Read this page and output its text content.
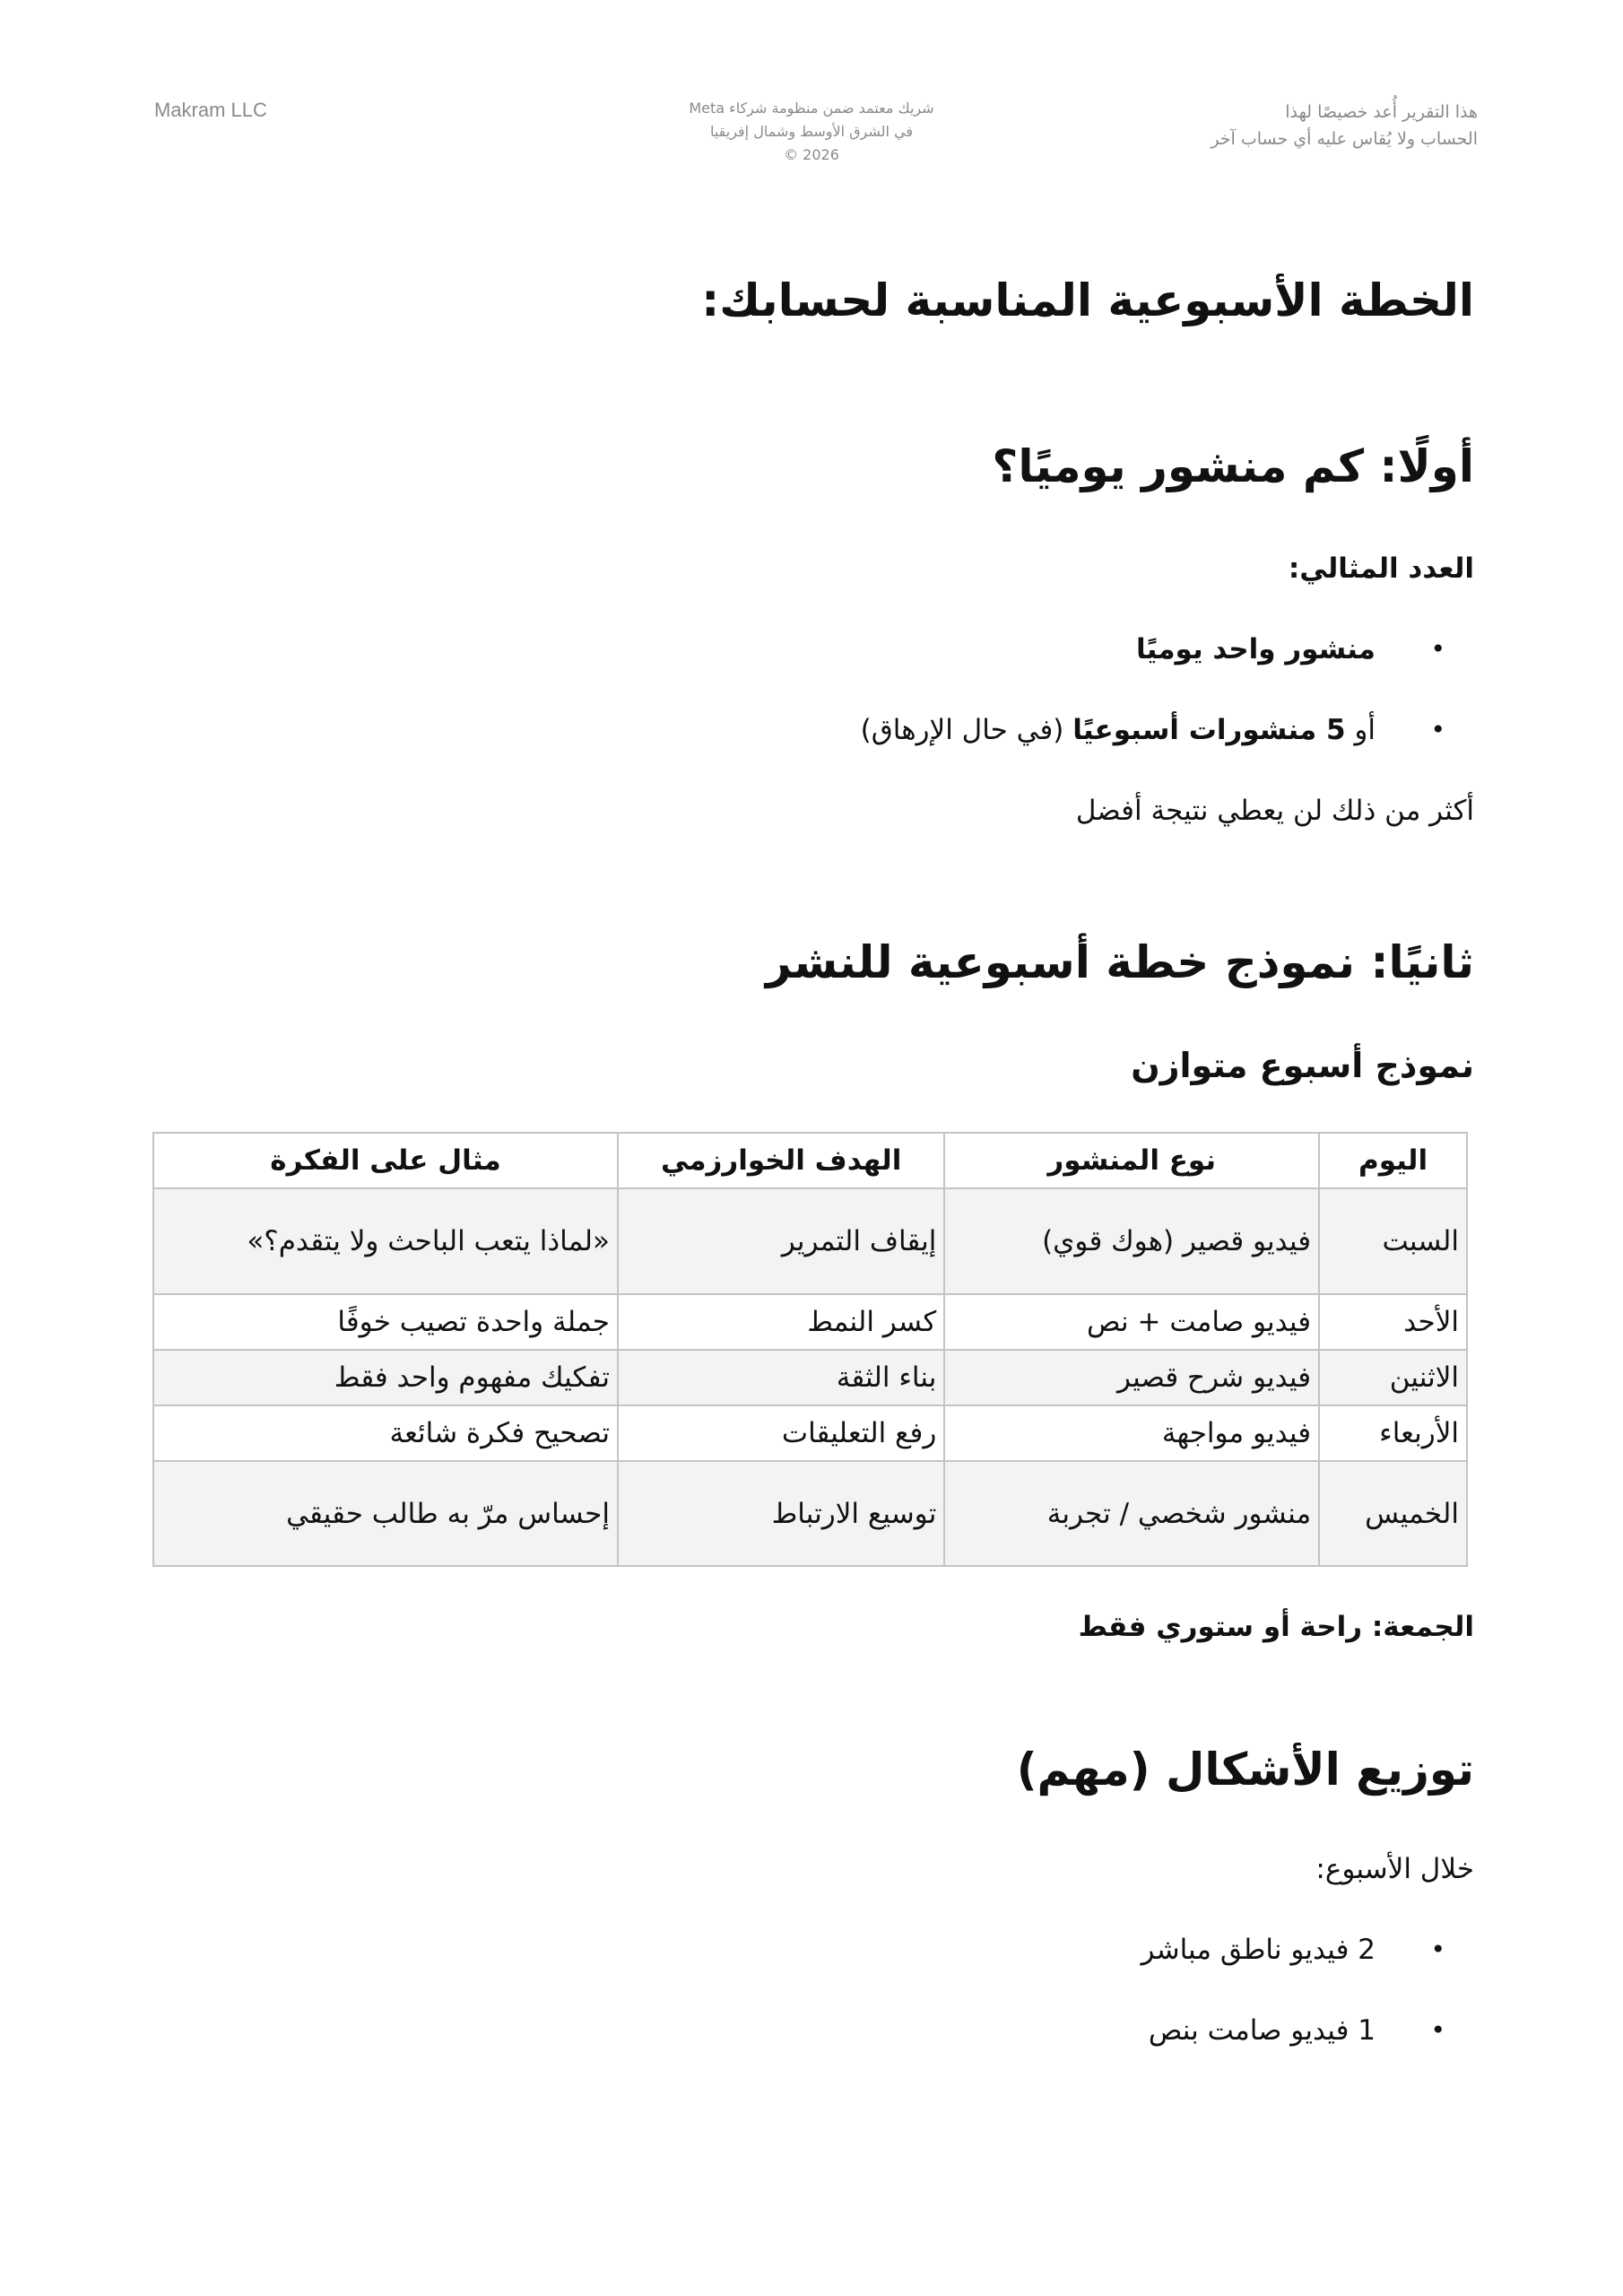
Makram LLC	شريك معتمد ضمن منظومة شركاء Meta
في الشرق الأوسط وشمال إفريقيا
© 2026
هذا التقرير أُعد خصيصًا لهذا
الحساب ولا يُقاس عليه أي حساب آخر
الخطة الأسبوعية المناسبة لحسابك:
أولًا: كم منشور يوميًا؟

العدد المثالي:

•
منشور واحد يوميًا
•
أو 5 منشورات أسبوعيًا (في حال الإرهاق)

أكثر من ذلك لن يعطي نتيجة أفضل

ثانيًا: نموذج خطة أسبوعية للنشر
نموذج أسبوع متوازن
اليوم	نوع المنشور	الهدف الخوارزمي	مثال على الفكرة
السبت	فيديو قصير (هوك قوي)	إيقاف التمرير	«لماذا يتعب الباحث ولا يتقدم؟»
الأحد	فيديو صامت + نص	كسر النمط	جملة واحدة تصيب خوفًا
الاثنين	فيديو شرح قصير	بناء الثقة	تفكيك مفهوم واحد فقط
الأربعاء	فيديو مواجهة	رفع التعليقات	تصحيح فكرة شائعة
الخميس	منشور شخصي / تجربة	توسيع الارتباط	إحساس مرّ به طالب حقيقي

الجمعة: راحة أو ستوري فقط

توزيع الأشكال (مهم)

خلال الأسبوع:

•
2 فيديو ناطق مباشر
•
1 فيديو صامت بنص
